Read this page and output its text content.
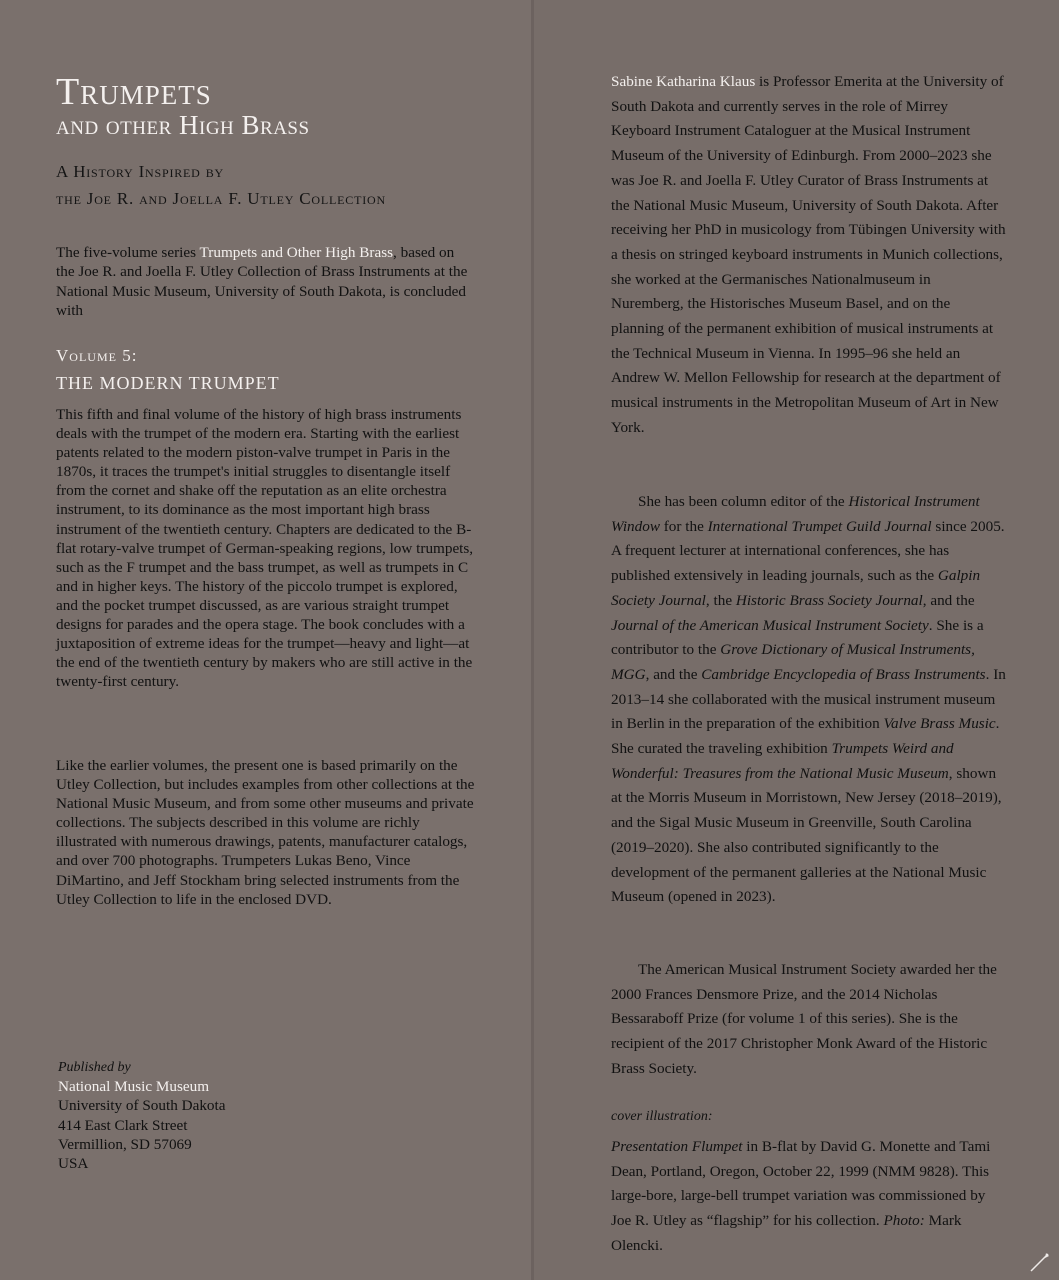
Trumpets
and other High Brass
A History Inspired by
the Joe R. and Joella F. Utley Collection
The five-volume series Trumpets and Other High Brass, based on the Joe R. and Joella F. Utley Collection of Brass Instruments at the National Music Museum, University of South Dakota, is concluded with
Volume 5:
THE MODERN TRUMPET
This fifth and final volume of the history of high brass instruments deals with the trumpet of the modern era. Starting with the earliest patents related to the modern piston-valve trumpet in Paris in the 1870s, it traces the trumpet's initial struggles to disentangle itself from the cornet and shake off the reputation as an elite orchestra instrument, to its dominance as the most important high brass instrument of the twentieth century. Chapters are dedicated to the B-flat rotary-valve trumpet of German-speaking regions, low trumpets, such as the F trumpet and the bass trumpet, as well as trumpets in C and in higher keys. The history of the piccolo trumpet is explored, and the pocket trumpet discussed, as are various straight trumpet designs for parades and the opera stage. The book concludes with a juxtaposition of extreme ideas for the trumpet—heavy and light—at the end of the twentieth century by makers who are still active in the twenty-first century.
Like the earlier volumes, the present one is based primarily on the Utley Collection, but includes examples from other collections at the National Music Museum, and from some other museums and private collections. The subjects described in this volume are richly illustrated with numerous drawings, patents, manufacturer catalogs, and over 700 photographs. Trumpeters Lukas Beno, Vince DiMartino, and Jeff Stockham bring selected instruments from the Utley Collection to life in the enclosed DVD.
Published by
National Music Museum
University of South Dakota
414 East Clark Street
Vermillion, SD 57069
USA

Sabine Katharina Klaus is Professor Emerita at the University of South Dakota and currently serves in the role of Mirrey Keyboard Instrument Cataloguer at the Musical Instrument Museum of the University of Edinburgh. From 2000–2023 she was Joe R. and Joella F. Utley Curator of Brass Instruments at the National Music Museum, University of South Dakota. After receiving her PhD in musicology from Tübingen University with a thesis on stringed keyboard instruments in Munich collections, she worked at the Germanisches Nationalmuseum in Nuremberg, the Historisches Museum Basel, and on the planning of the permanent exhibition of musical instruments at the Technical Museum in Vienna. In 1995–96 she held an Andrew W. Mellon Fellowship for research at the department of musical instruments in the Metropolitan Museum of Art in New York.

She has been column editor of the Historical Instrument Window for the International Trumpet Guild Journal since 2005. A frequent lecturer at international conferences, she has published extensively in leading journals, such as the Galpin Society Journal, the Historic Brass Society Journal, and the Journal of the American Musical Instrument Society. She is a contributor to the Grove Dictionary of Musical Instruments, MGG, and the Cambridge Encyclopedia of Brass Instruments. In 2013–14 she collaborated with the musical instrument museum in Berlin in the preparation of the exhibition Valve Brass Music. She curated the traveling exhibition Trumpets Weird and Wonderful: Treasures from the National Music Museum, shown at the Morris Museum in Morristown, New Jersey (2018–2019), and the Sigal Music Museum in Greenville, South Carolina (2019–2020). She also contributed significantly to the development of the permanent galleries at the National Music Museum (opened in 2023).

The American Musical Instrument Society awarded her the 2000 Frances Densmore Prize, and the 2014 Nicholas Bessaraboff Prize (for volume 1 of this series). She is the recipient of the 2017 Christopher Monk Award of the Historic Brass Society.

cover illustration:
Presentation Flumpet in B-flat by David G. Monette and Tami Dean, Portland, Oregon, October 22, 1999 (NMM 9828). This large-bore, large-bell trumpet variation was commissioned by Joe R. Utley as “flagship” for his collection. Photo: Mark Olencki.
